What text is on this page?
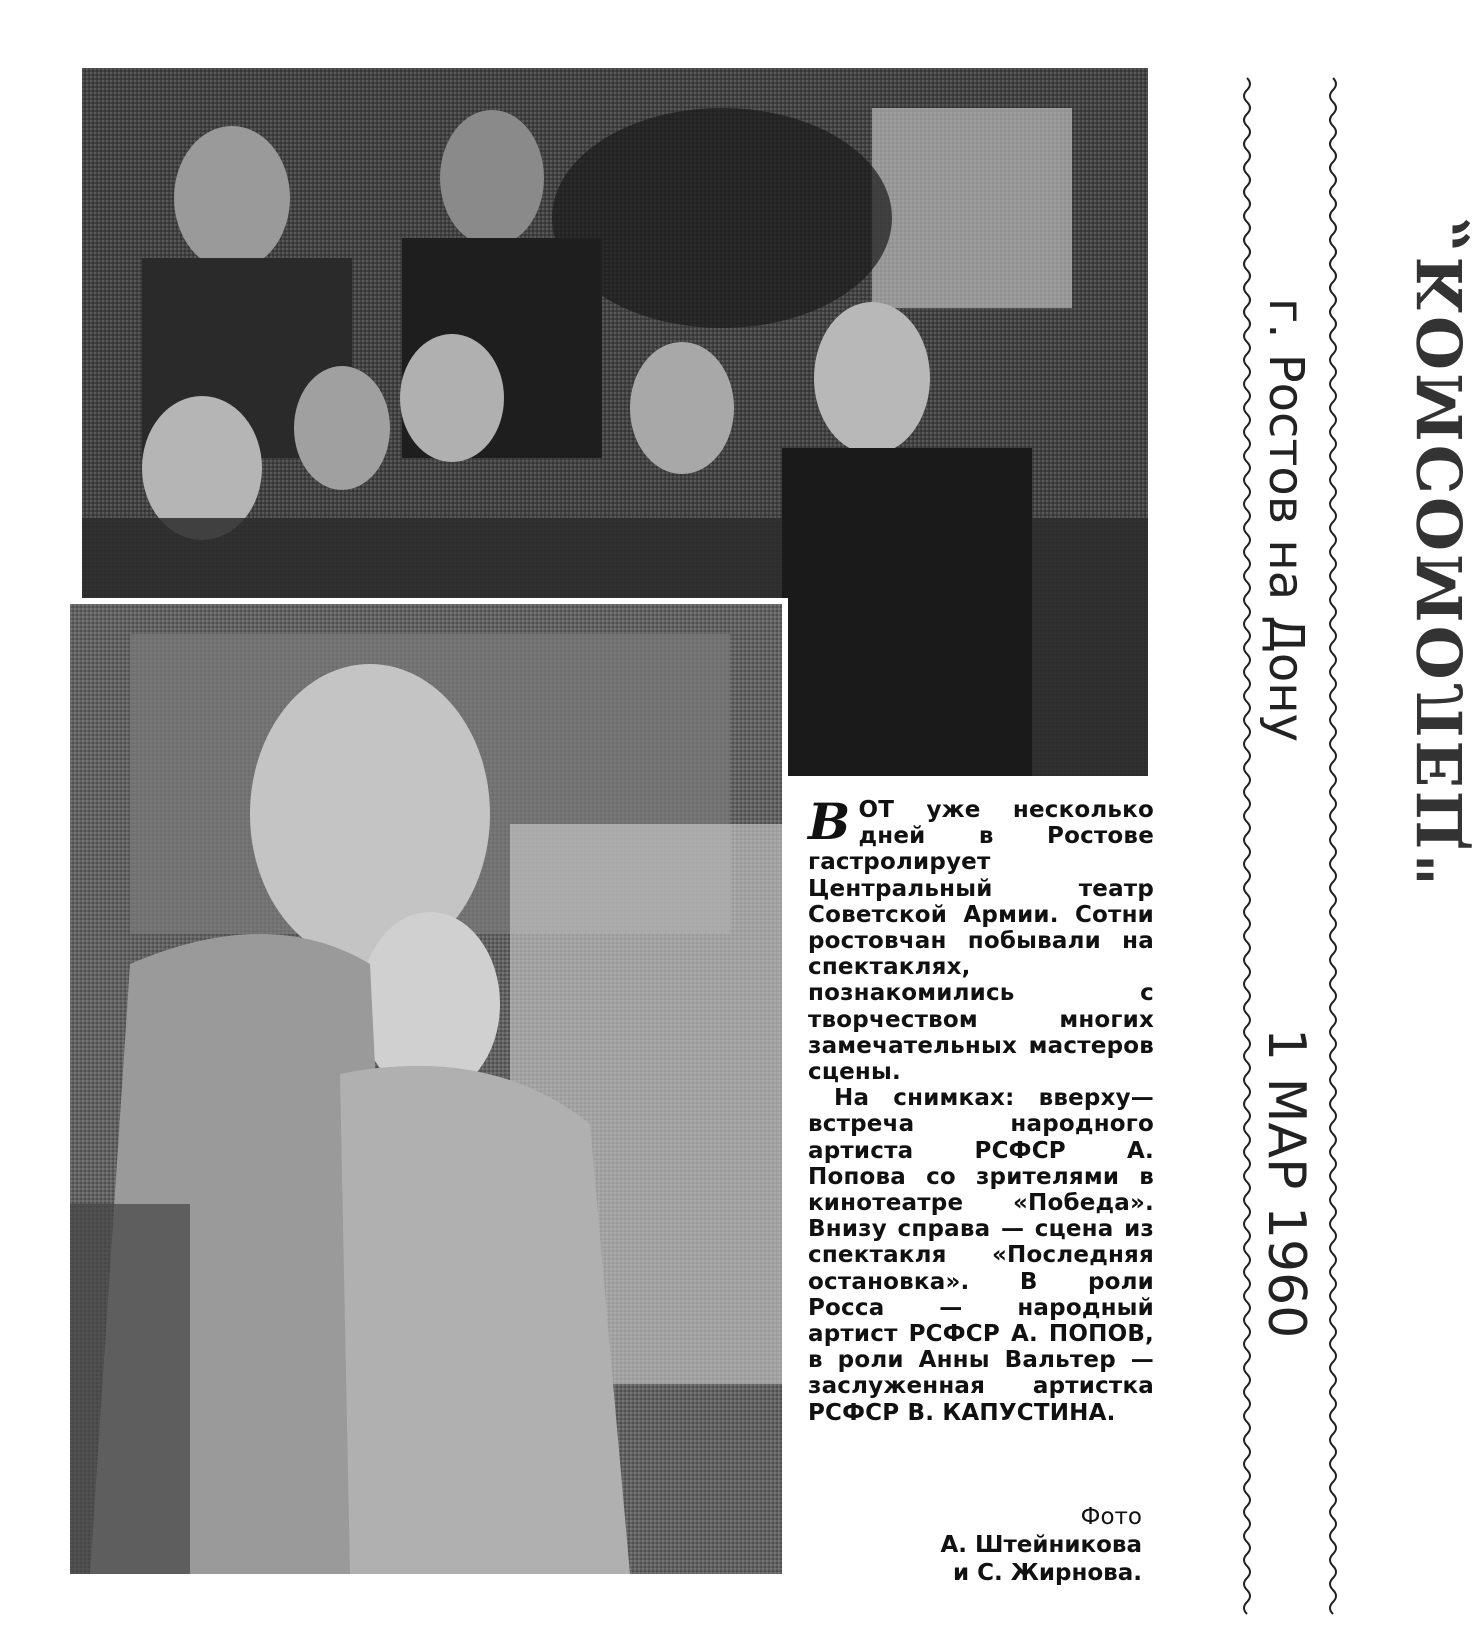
В ОТ уже несколько дней в Ростове гастролирует Центральный театр Советской Армии. Сотни ростовчан побывали на спектаклях, познакомились с творчеством многих замечательных мастеров сцены.

На снимках: вверху—встреча народного артиста РСФСР А. Попова со зрителями в кинотеатре «Победа». Внизу справа — сцена из спектакля «Последняя остановка». В роли Росса — народный артист РСФСР А. ПОПОВ, в роли Анны Вальтер — заслуженная артистка РСФСР В. КАПУСТИНА.

Фото
А. Штейникова
и С. Жирнова.
„КОМСОМОЛЕЦ"
г. Ростов на Дону
1 МАР 1960
